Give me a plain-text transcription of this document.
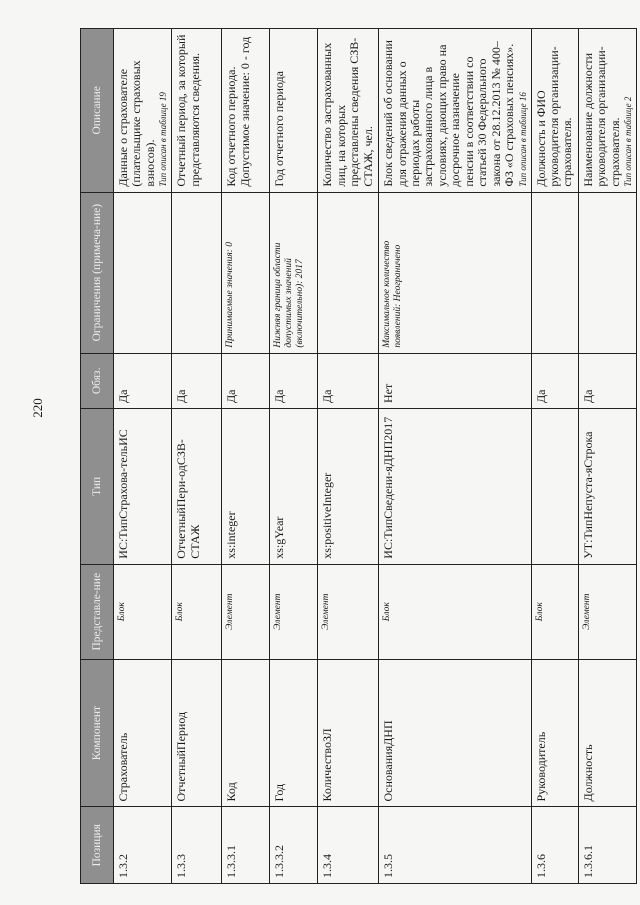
220
Позиция	Компонент	Представле-ние	Тип	Обяз.	Ограничения (примеча-ние)	Описание
1.3.2	Страхователь	Блок	ИС:ТипСтрахова-тельИС	Да		Данные о страхователе (плательщике страховых взносов). Тип описан в таблице 19

1.3.3	ОтчетныйПериод	Блок	ОтчетныйПери-одСЗВ-СТАЖ	Да		Отчетный период, за который представляются сведения.
1.3.3.1	Код	Элемент	xs:integer	Да	Принимаемые значения: 0	Код отчетного периода. Допустимое значение: 0 - год
1.3.3.2	Год	Элемент	xs:gYear	Да	Нижняя граница области допустимых значений (включительно): 2017	Год отчетного периода
1.3.4	КоличествоЗЛ	Элемент	xs:positiveInteger	Да		Количество застрахованных лиц, на которых представлены сведения СЗВ-СТАЖ, чел.
1.3.5	ОснованияДНП	Блок	ИС:ТипСведени-яДНП2017	Нет	Максимальное количество появлений: Неограничено	Блок сведений об основании для отражения данных о периодах работы застрахованного лица в условиях, дающих право на досрочное назначение пенсии в соответствии со статьей 30 Федерального закона от 28.12.2013 № 400–ФЗ «О страховых пенсиях». Тип описан в таблице 16

1.3.6	Руководитель	Блок		Да		Должность и ФИО руководителя организации-страхователя.
1.3.6.1	Должность	Элемент	УТ:ТипНепуста-яСтрока	Да		Наименование должности руководителя организации-страхователя. Тип описан в таблице 2
